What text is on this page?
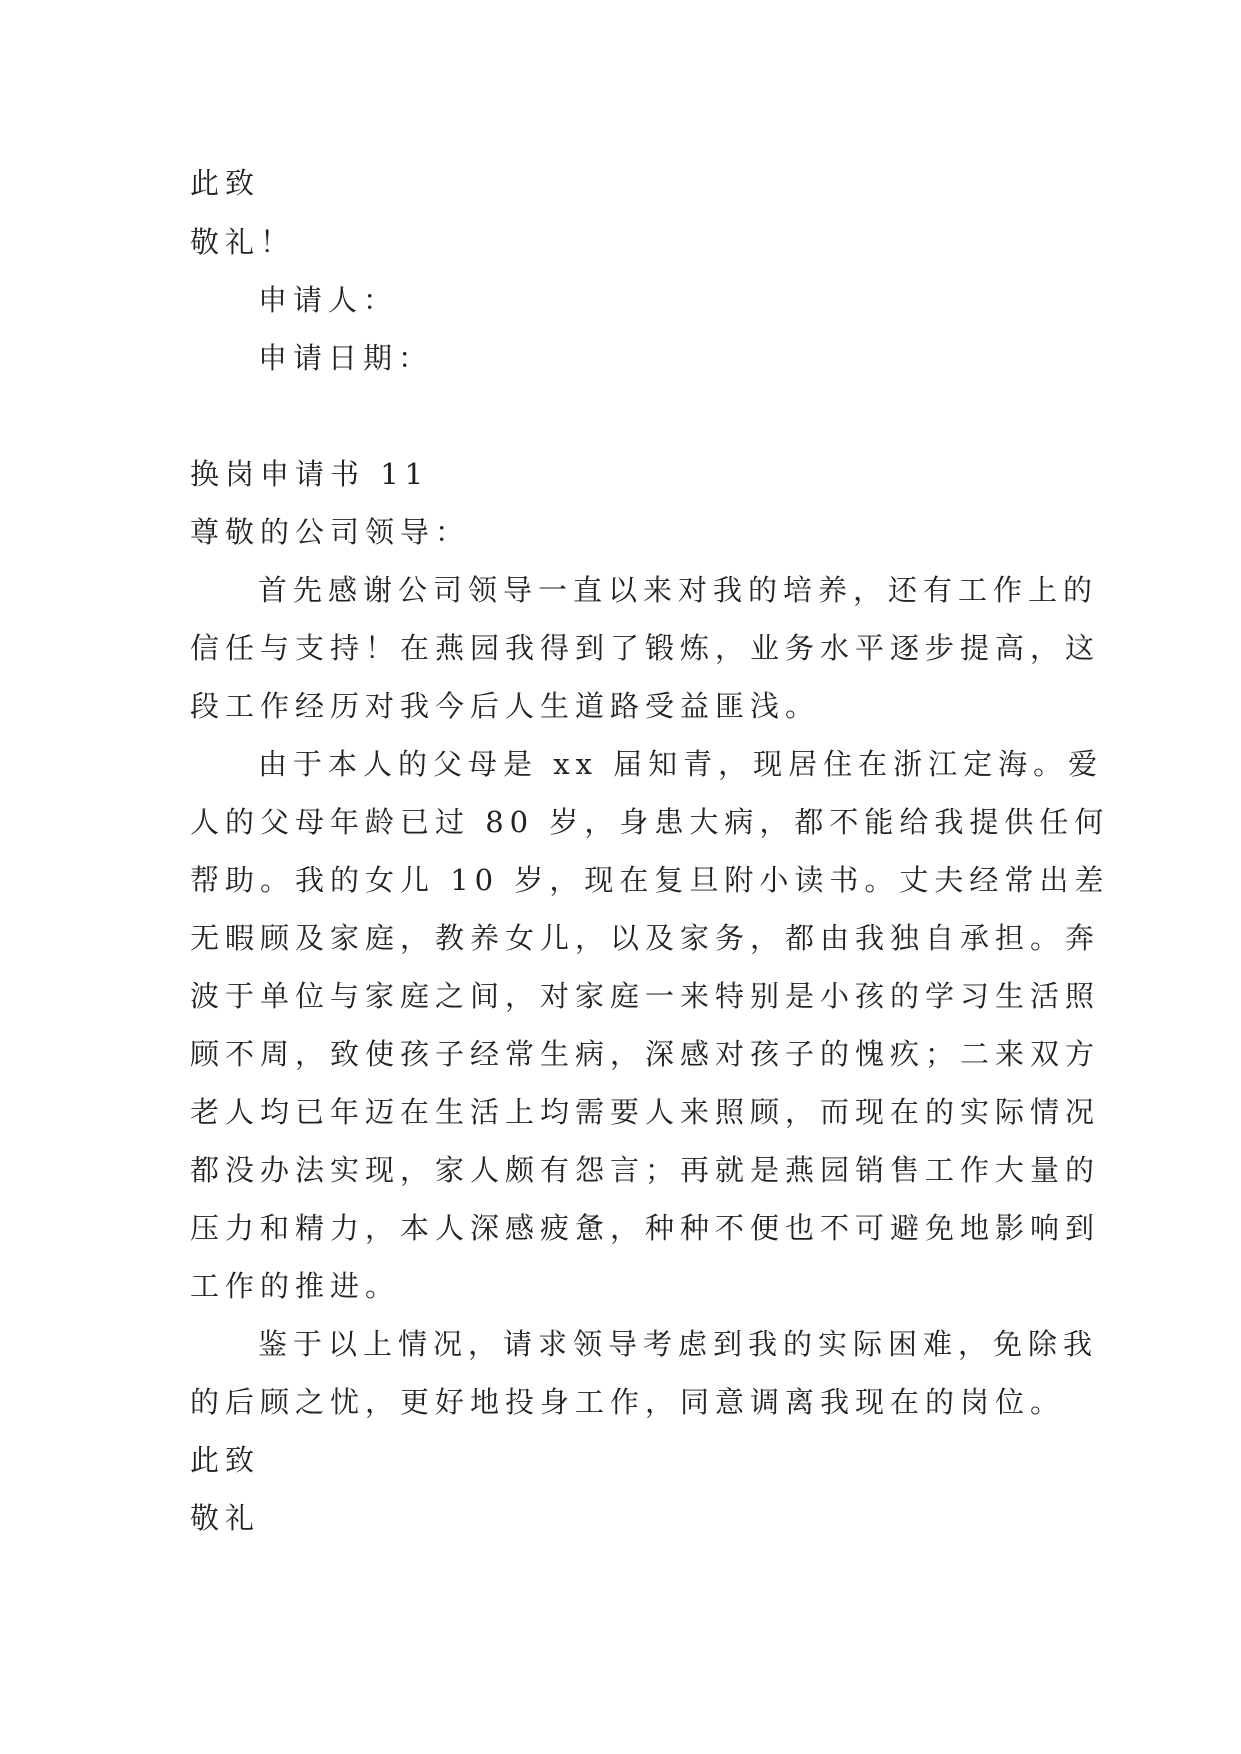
此致

敬礼！

申请人：

申请日期：

换岗申请书 11

尊敬的公司领导：

首先感谢公司领导一直以来对我的培养，还有工作上的

信任与支持！在燕园我得到了锻炼，业务水平逐步提高，这

段工作经历对我今后人生道路受益匪浅。

由于本人的父母是 xx 届知青，现居住在浙江定海。爱

人的父母年龄已过 80 岁，身患大病，都不能给我提供任何

帮助。我的女儿 10 岁，现在复旦附小读书。丈夫经常出差

无暇顾及家庭，教养女儿，以及家务，都由我独自承担。奔

波于单位与家庭之间，对家庭一来特别是小孩的学习生活照

顾不周，致使孩子经常生病，深感对孩子的愧疚；二来双方

老人均已年迈在生活上均需要人来照顾，而现在的实际情况

都没办法实现，家人颇有怨言；再就是燕园销售工作大量的

压力和精力，本人深感疲惫，种种不便也不可避免地影响到

工作的推进。

鉴于以上情况，请求领导考虑到我的实际困难，免除我

的后顾之忧，更好地投身工作，同意调离我现在的岗位。

此致

敬礼
